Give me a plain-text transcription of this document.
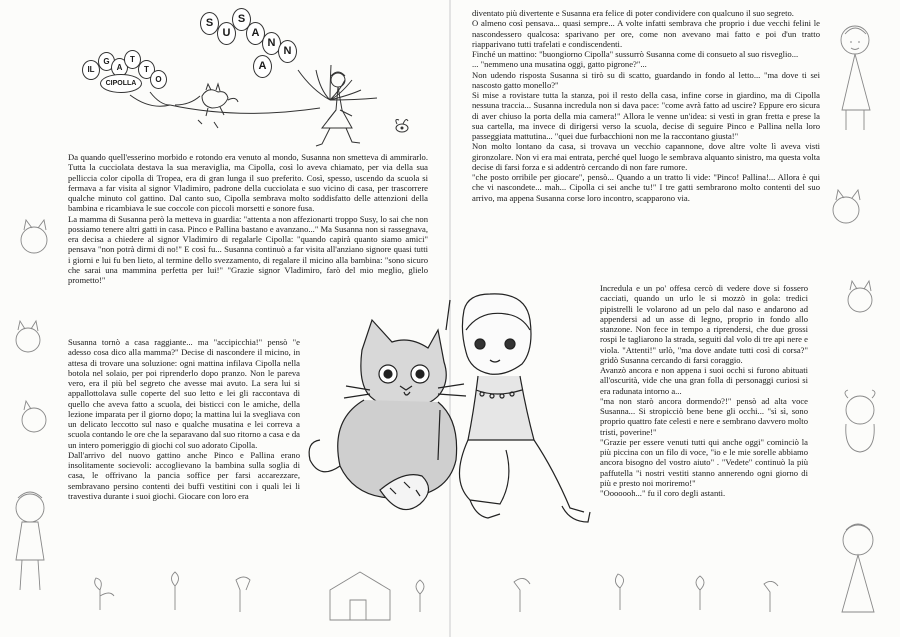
S
U
S
A
N
N
A
IL
G
A
T
T
O
CIPOLLA

Da quando quell'esserino morbido e rotondo era venuto al mondo, Susanna non smetteva di ammirarlo. Tutta la cucciolata destava la sua meraviglia, ma Cipolla, così lo aveva chiamato, per via della sua pelliccia color cipolla di Tropea, era di gran lunga il suo preferito. Così, spesso, uscendo da scuola si fermava a far visita al signor Vladimiro, padrone della cucciolata e suo vicino di casa, per trascorrere qualche minuto col gattino. Dal canto suo, Cipolla sembrava molto soddisfatto delle attenzioni della bambina e ricambiava le sue coccole con piccoli morsetti e sonore fusa.

La mamma di Susanna però la metteva in guardia: "attenta a non affezionarti troppo Susy, lo sai che non possiamo tenere altri gatti in casa. Pinco e Pallina bastano e avanzano..." Ma Susanna non si rassegnava, era decisa a chiedere al signor Vladimiro di regalarle Cipolla: "quando capirà quanto siamo amici" pensava "non potrà dirmi di no!" E così fu... Susanna continuò a far visita all'anziano signore quasi tutti i giorni e lui fu ben lieto, al termine dello svezzamento, di regalare il micino alla bambina: "sono sicuro che sarai una mammina perfetta per lui!" "Grazie signor Vladimiro, farò del mio meglio, glielo prometto!"

Susanna tornò a casa raggiante... ma "accipicchia!" pensò "e adesso cosa dico alla mamma?" Decise di nascondere il micino, in attesa di trovare una soluzione: ogni mattina infilava Cipolla nella botola nel solaio, per poi riprenderlo dopo pranzo. Non le pareva vero, era il più bel segreto che avesse mai avuto. La sera lui si appallottolava sulle coperte del suo letto e lei gli raccontava di quello che aveva fatto a scuola, dei bisticci con le amiche, della lezione imparata per il giorno dopo; la mattina lui la svegliava con un delicato leccotto sul naso e qualche musatina e lei correva a scuola contando le ore che la separavano dal suo ritorno a casa e da un intero pomeriggio di giochi col suo adorato Cipolla.

Dall'arrivo del nuovo gattino anche Pinco e Pallina erano insolitamente socievoli: accoglievano la bambina sulla soglia di casa, le offrivano la pancia soffice per farsi accarezzare, sembravano persino contenti dei buffi vestitini con i quali lei li travestiva durante i suoi giochi. Giocare con loro era

diventato più divertente e Susanna era felice di poter condividere con qualcuno il suo segreto.

O almeno così pensava... quasi sempre... A volte infatti sembrava che proprio i due vecchi felini le nascondessero qualcosa: sparivano per ore, come non avevano mai fatto e poi d'un tratto riapparivano tutti trafelati e condiscendenti.

Finché un mattino: "buongiorno Cipolla" sussurrò Susanna come di consueto al suo risveglio...

... "nemmeno una musatina oggi, gatto pigrone?"...

Non udendo risposta Susanna si tirò su di scatto, guardando in fondo al letto... "ma dove ti sei nascosto gatto monello?"

Si mise a rovistare tutta la stanza, poi il resto della casa, infine corse in giardino, ma di Cipolla nessuna traccia... Susanna incredula non si dava pace: "come avrà fatto ad uscire? Eppure ero sicura di aver chiuso la porta della mia camera!" Allora le venne un'idea: si vestì in gran fretta e prese la sua cartella, ma invece di dirigersi verso la scuola, decise di seguire Pinco e Pallina nella loro passeggiata mattutina... "quei due furbacchioni non me la raccontano giusta!"

Non molto lontano da casa, si trovava un vecchio capannone, dove altre volte lì aveva visti gironzolare. Non vi era mai entrata, perché quel luogo le sembrava alquanto sinistro, ma questa volta decise di farsi forza e si addentrò cercando di non fare rumore.

"che posto orribile per giocare", pensò... Quando a un tratto li vide: "Pinco! Pallina!... Allora è qui che vi nascondete... mah... Cipolla ci sei anche tu!" I tre gatti sembrarono molto contenti del suo arrivo, ma appena Susanna corse loro incontro, scapparono via.

Incredula e un po' offesa cercò di vedere dove si fossero cacciati, quando un urlo le si mozzò in gola: tredici pipistrelli le volarono ad un pelo dal naso e andarono ad appendersi ad un asse di legno, proprio in fondo allo stanzone. Non fece in tempo a riprendersi, che due grossi rospi le tagliarono la strada, seguiti dal volo di tre api nere e viola. "Attenti!" urlò, "ma dove andate tutti così di corsa?" gridò Susanna cercando di farsi coraggio.

Avanzò ancora e non appena i suoi occhi si furono abituati all'oscurità, vide che una gran folla di personaggi curiosi si era radunata intorno a...

"ma non starò ancora dormendo?!" pensò ad alta voce Susanna... Si stropicciò bene bene gli occhi... "sì sì, sono proprio quattro fate celesti e nere e sembrano davvero molto tristi, poverine!"

"Grazie per essere venuti tutti qui anche oggi" cominciò la più piccina con un filo di voce, "io e le mie sorelle abbiamo ancora bisogno del vostro aiuto" . "Vedete" continuò la più paffutella "i nostri vestiti stanno annerendo ogni giorno di più e presto noi moriremo!"

"Ooooooh..." fu il coro degli astanti.
